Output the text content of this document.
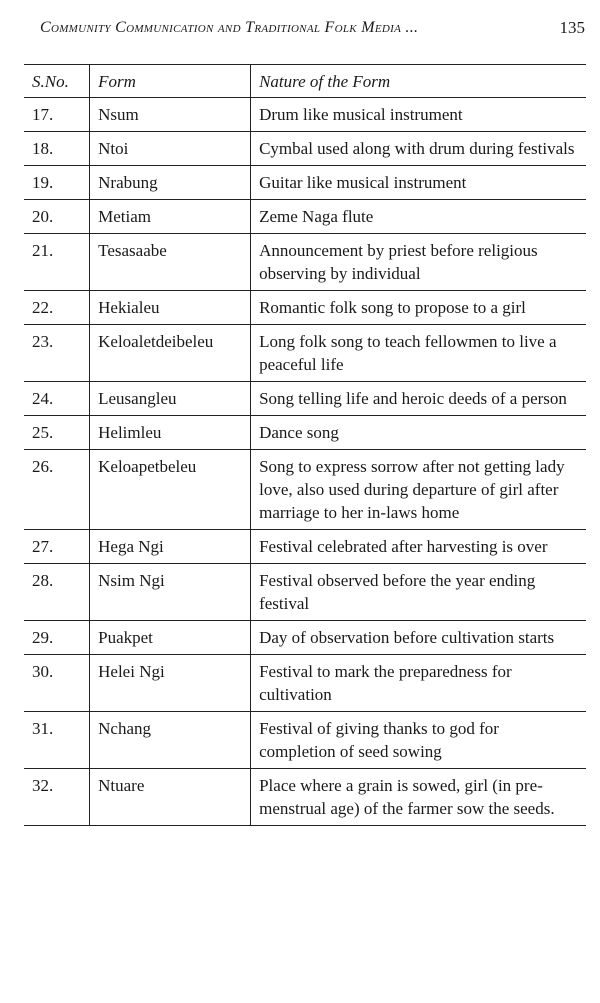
Community Communication and Traditional Folk Media ...	135
S.No.	Form	Nature of the Form
17.	Nsum	Drum like musical instrument
18.	Ntoi	Cymbal used along with drum during festivals
19.	Nrabung	Guitar like musical instrument
20.	Metiam	Zeme Naga flute
21.	Tesasaabe	Announcement by priest before religious observing by individual
22.	Hekialeu	Romantic folk song to propose to a girl
23.	Keloaletdeibeleu	Long folk song to teach fellowmen to live a peaceful life
24.	Leusangleu	Song telling life and heroic deeds of a person
25.	Helimleu	Dance song
26.	Keloapetbeleu	Song to express sorrow after not getting lady love, also used during departure of girl after marriage to her in-laws home
27.	Hega Ngi	Festival celebrated after harvesting is over
28.	Nsim Ngi	Festival observed before the year ending festival
29.	Puakpet	Day of observation before cultivation starts
30.	Helei Ngi	Festival to mark the preparedness for cultivation
31.	Nchang	Festival of giving thanks to god for completion of seed sowing
32.	Ntuare	Place where a grain is sowed, girl (in pre-menstrual age) of the farmer sow the seeds.
